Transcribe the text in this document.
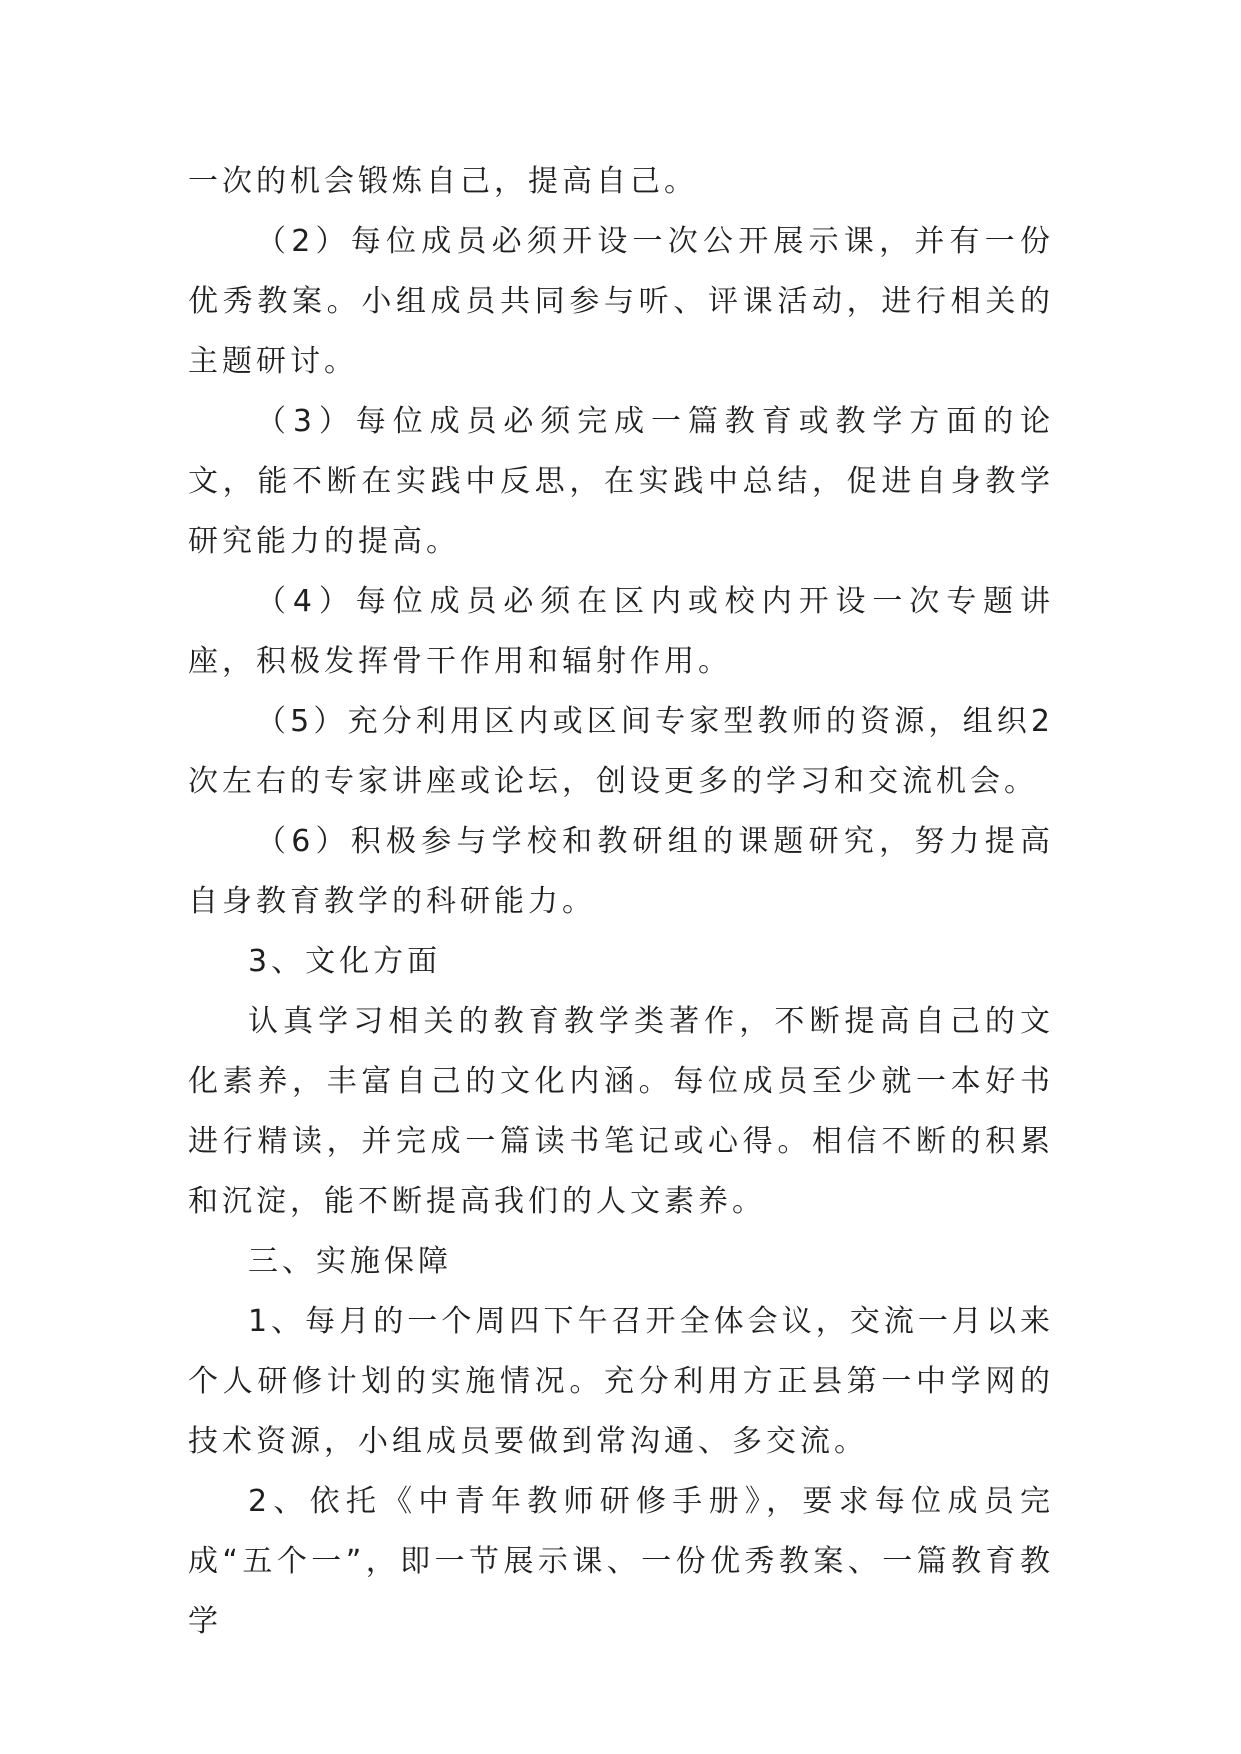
一次的机会锻炼自己，提高自己。

（2）每位成员必须开设一次公开展示课，并有一份优秀教案。小组成员共同参与听、评课活动，进行相关的主题研讨。

（3）每位成员必须完成一篇教育或教学方面的论文，能不断在实践中反思，在实践中总结，促进自身教学研究能力的提高。

（4）每位成员必须在区内或校内开设一次专题讲座，积极发挥骨干作用和辐射作用。

（5）充分利用区内或区间专家型教师的资源，组织2次左右的专家讲座或论坛，创设更多的学习和交流机会。

（6）积极参与学校和教研组的课题研究，努力提高自身教育教学的科研能力。

3、文化方面

认真学习相关的教育教学类著作，不断提高自己的文化素养，丰富自己的文化内涵。每位成员至少就一本好书进行精读，并完成一篇读书笔记或心得。相信不断的积累和沉淀，能不断提高我们的人文素养。

三、实施保障

1、每月的一个周四下午召开全体会议，交流一月以来个人研修计划的实施情况。充分利用方正县第一中学网的技术资源，小组成员要做到常沟通、多交流。

2、依托《中青年教师研修手册》，要求每位成员完成“五个一”，即一节展示课、一份优秀教案、一篇教育教学
